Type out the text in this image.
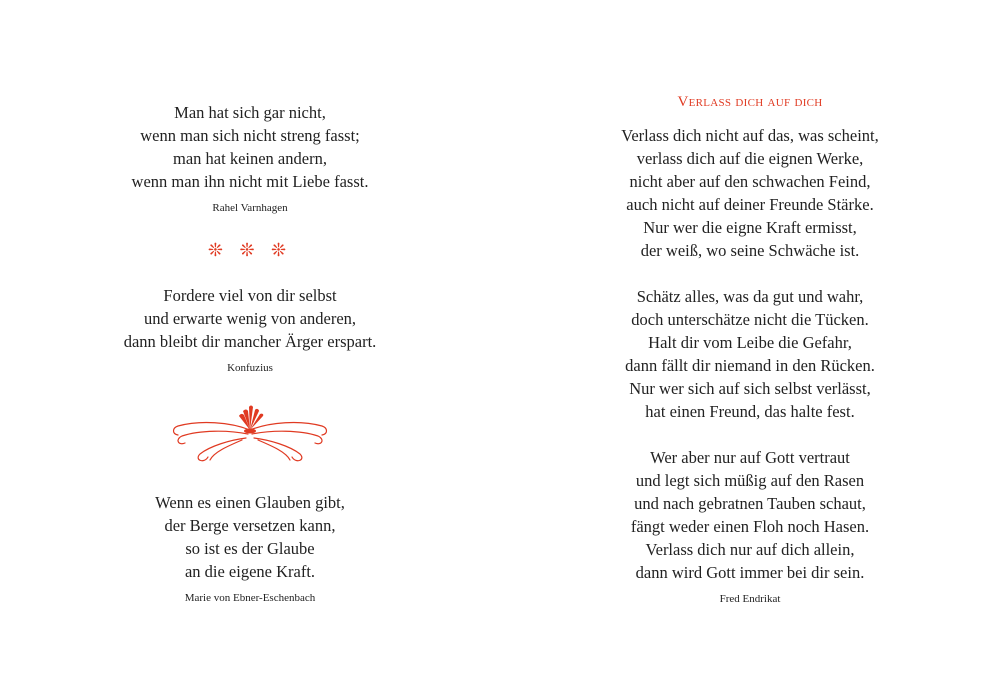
Man hat sich gar nicht,
wenn man sich nicht streng fasst;
man hat keinen andern,
wenn man ihn nicht mit Liebe fasst.
Rahel Varnhagen
❊ ❊ ❊
Fordere viel von dir selbst
und erwarte wenig von anderen,
dann bleibt dir mancher Ärger erspart.
Konfuzius
Wenn es einen Glauben gibt,
der Berge versetzen kann,
so ist es der Glaube
an die eigene Kraft.
Marie von Ebner-Eschenbach
Verlass dich auf dich
Verlass dich nicht auf das, was scheint,
verlass dich auf die eignen Werke,
nicht aber auf den schwachen Feind,
auch nicht auf deiner Freunde Stärke.
Nur wer die eigne Kraft ermisst,
der weiß, wo seine Schwäche ist.
Schätz alles, was da gut und wahr,
doch unterschätze nicht die Tücken.
Halt dir vom Leibe die Gefahr,
dann fällt dir niemand in den Rücken.
Nur wer sich auf sich selbst verlässt,
hat einen Freund, das halte fest.
Wer aber nur auf Gott vertraut
und legt sich müßig auf den Rasen
und nach gebratnen Tauben schaut,
fängt weder einen Floh noch Hasen.
Verlass dich nur auf dich allein,
dann wird Gott immer bei dir sein.
Fred Endrikat
